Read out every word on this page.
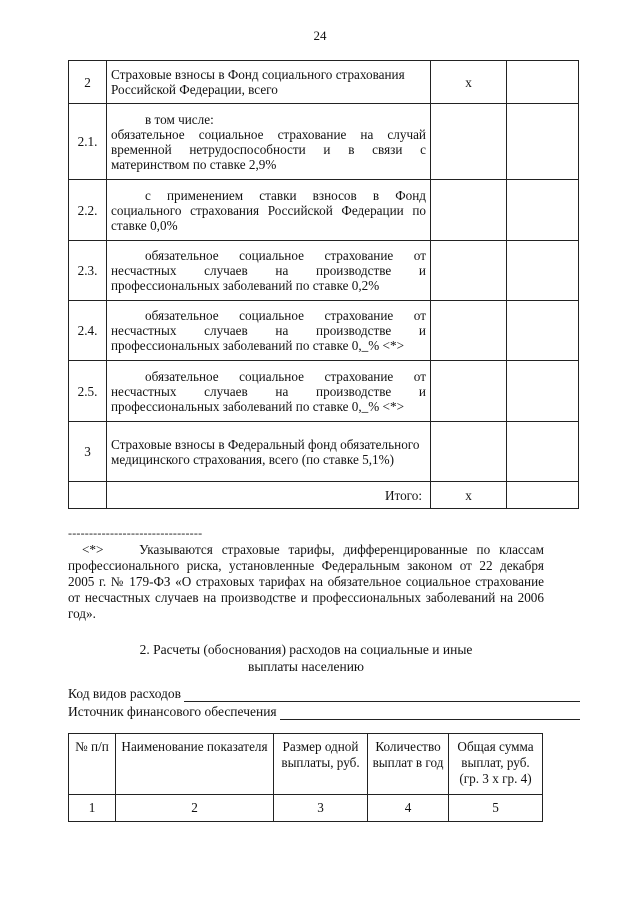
24
2	Страховые взносы в Фонд социального страхования Российской Федерации, всего	x	
2.1.	в том числе:
обязательное социальное страхование на случай временной нетрудоспособности и в связи с материнством по ставке 2,9%		

2.2.	с применением ставки взносов в Фонд социального страхования Российской Федерации по ставке 0,0%		
2.3.	обязательное социальное страхование от несчастных случаев на производстве и профессиональных заболеваний по ставке 0,2%		
2.4.	обязательное социальное страхование от несчастных случаев на производстве и профессиональных заболеваний по ставке 0,_% <*>		
2.5.	обязательное социальное страхование от несчастных случаев на производстве и профессиональных заболеваний по ставке 0,_% <*>		
3	Страховые взносы в Федеральный фонд обязательного медицинского страхования, всего (по ставке 5,1%)		
	Итого:	x	
--------------------------------
<*>	Указываются страховые тарифы, дифференцированные по классам профессионального риска, установленные Федеральным законом от 22 декабря 2005 г. № 179-ФЗ «О страховых тарифах на обязательное социальное страхование от несчастных случаев на производстве и профессиональных заболеваний на 2006 год».
2. Расчеты (обоснования) расходов на социальные и иные
выплаты населению
Код видов расходов
Источник финансового обеспечения
№ п/п	Наименование показателя	Размер одной выплаты, руб.	Количество выплат в год	Общая сумма выплат, руб. (гр. 3 х гр. 4)
1	2	3	4	5
